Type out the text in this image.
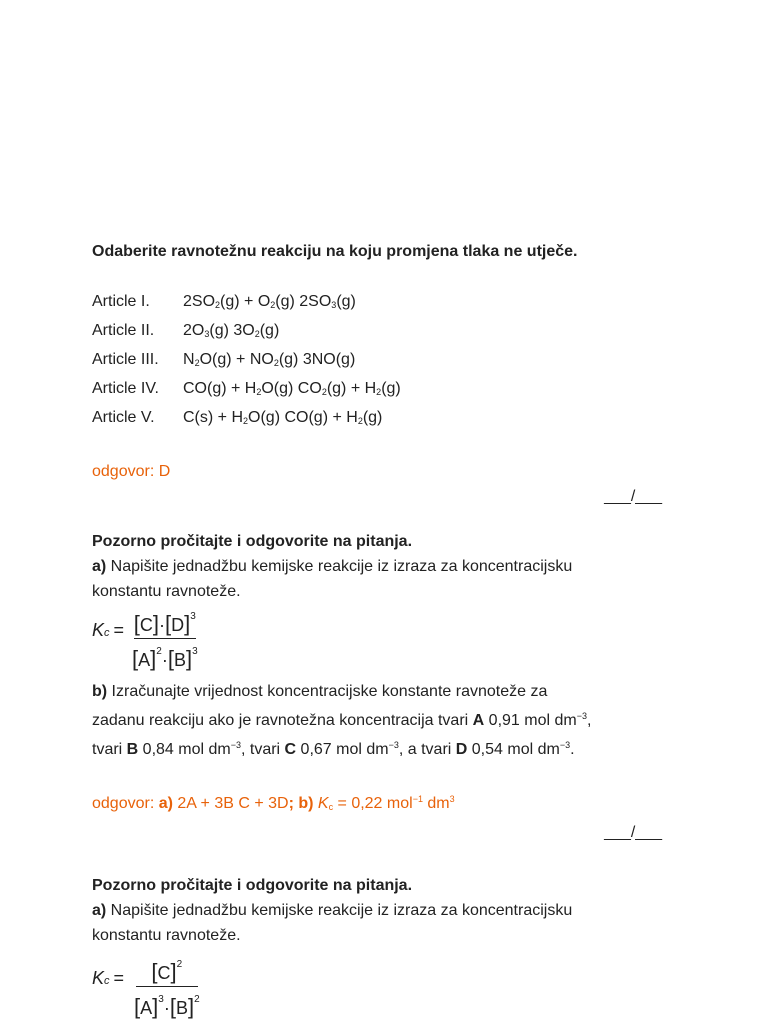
Odaberite ravnotežnu reakciju na koju promjena tlaka ne utječe.
Article I. $2SO_2(g) + O_2(g)$ $2SO_3(g)$
Article II. $2O_3(g)$ $3O_2(g)$
Article III. $N_2O(g) + NO_2(g)$ 3NO(g)
Article IV. $CO(g) + H_2O(g) CO_2(g) + H_2(g)$
Article V. $C(s) + H_2O(g) CO(g) + H_2(g)$
odgovor: D
___/___
Pozorno pročitajte i odgovorite na pitanja.
a) Napišite jednadžbu kemijske reakcije iz izraza za koncentracijsku
konstantu ravnoteže.
$Kc = [C]\cdot[D]^3$
$[A]^2\cdot[B]^3$
b) Izračunajte vrijednost koncentracijske konstante ravnoteže za
zadanu reakciju ako je ravnotežna koncentracija tvari A 0,91 mol $dm^{-3}$,
tvari B 0,84 mol $dm^{-3}$, tvari C 0,67 mol $dm^{-3}$, a tvari D 0,54 mol $dm^{-3}$.
odgovor: a) 2A + 3B C + 3D; b) $K_c = 0,22$ mol$^{-1}$ $dm^3$
___/___
Pozorno pročitajte i odgovorite na pitanja.
a) Napišite jednadžbu kemijske reakcije iz izraza za koncentracijsku
konstantu ravnoteže.
Kc =	$[C]^2$
$[A]^3\cdot[B]^2$
